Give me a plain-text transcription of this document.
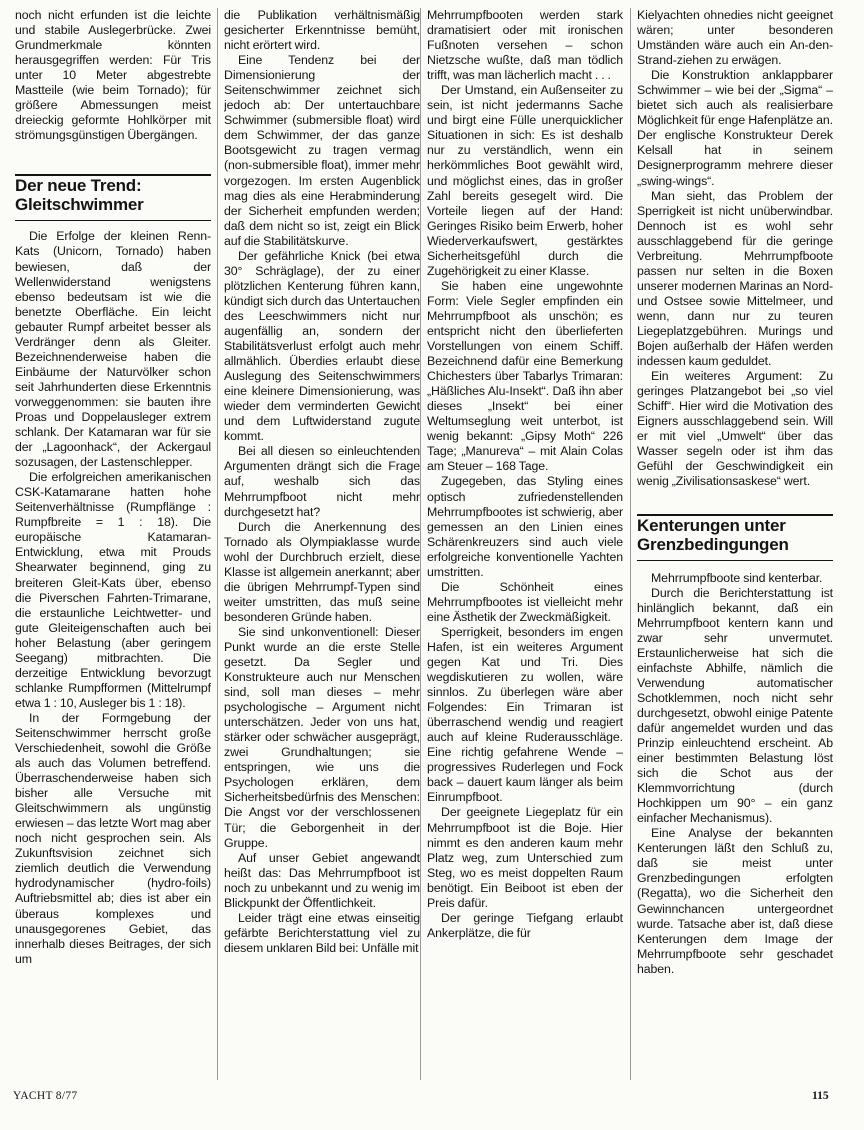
noch nicht erfunden ist die leichte und stabile Auslegerbrücke. Zwei Grundmerkmale könnten herausgegriffen werden: Für Tris unter 10 Meter abgestrebte Mastteile (wie beim Tornado); für größere Abmessungen meist dreieckig geformte Hohlkörper mit strömungsgünstigen Übergängen.

Der neue Trend: Gleitschwimmer

Die Erfolge der kleinen Renn-Kats (Unicorn, Tornado) haben bewiesen, daß der Wellenwiderstand wenigstens ebenso bedeutsam ist wie die benetzte Oberfläche. Ein leicht gebauter Rumpf arbeitet besser als Verdränger denn als Gleiter. Bezeichnenderweise haben die Einbäume der Naturvölker schon seit Jahrhunderten diese Erkenntnis vorweggenommen: sie bauten ihre Proas und Doppelausleger extrem schlank. Der Katamaran war für sie der „Lagoonhack“, der Ackergaul sozusagen, der Lastenschlepper.

Die erfolgreichen amerikanischen CSK-Katamarane hatten hohe Seitenverhältnisse (Rumpflänge : Rumpfbreite = 1 : 18). Die europäische Katamaran-Entwicklung, etwa mit Prouds Shearwater beginnend, ging zu breiteren Gleit-Kats über, ebenso die Piverschen Fahrten-Trimarane, die erstaunliche Leichtwetter- und gute Gleiteigenschaften auch bei hoher Belastung (aber geringem Seegang) mitbrachten. Die derzeitige Entwicklung bevorzugt schlanke Rumpfformen (Mittelrumpf etwa 1 : 10, Ausleger bis 1 : 18).

In der Formgebung der Seitenschwimmer herrscht große Verschiedenheit, sowohl die Größe als auch das Volumen betreffend. Überraschenderweise haben sich bisher alle Versuche mit Gleitschwimmern als ungünstig erwiesen – das letzte Wort mag aber noch nicht gesprochen sein. Als Zukunftsvision zeichnet sich ziemlich deutlich die Verwendung hydrodynamischer (hydro-foils) Auftriebsmittel ab; dies ist aber ein überaus komplexes und unausgegorenes Gebiet, das innerhalb dieses Beitrages, der sich um

die Publikation verhältnismäßig gesicherter Erkenntnisse bemüht, nicht erörtert wird.

Eine Tendenz bei der Dimensionierung der Seitenschwimmer zeichnet sich jedoch ab: Der untertauchbare Schwimmer (submersible float) wird dem Schwimmer, der das ganze Bootsgewicht zu tragen vermag (non-submersible float), immer mehr vorgezogen. Im ersten Augenblick mag dies als eine Herabminderung der Sicherheit empfunden werden; daß dem nicht so ist, zeigt ein Blick auf die Stabilitätskurve.

Der gefährliche Knick (bei etwa 30° Schräglage), der zu einer plötzlichen Kenterung führen kann, kündigt sich durch das Untertauchen des Leeschwimmers nicht nur augenfällig an, sondern der Stabilitätsverlust erfolgt auch mehr allmählich. Überdies erlaubt diese Auslegung des Seitenschwimmers eine kleinere Dimensionierung, was wieder dem verminderten Gewicht und dem Luftwiderstand zugute kommt.

Bei all diesen so einleuchtenden Argumenten drängt sich die Frage auf, weshalb sich das Mehrrumpfboot nicht mehr durchgesetzt hat?

Durch die Anerkennung des Tornado als Olympiaklasse wurde wohl der Durchbruch erzielt, diese Klasse ist allgemein anerkannt; aber die übrigen Mehrrumpf-Typen sind weiter umstritten, das muß seine besonderen Gründe haben.

Sie sind unkonventionell: Dieser Punkt wurde an die erste Stelle gesetzt. Da Segler und Konstrukteure auch nur Menschen sind, soll man dieses – mehr psychologische – Argument nicht unterschätzen. Jeder von uns hat, stärker oder schwächer ausgeprägt, zwei Grundhaltungen; sie entspringen, wie uns die Psychologen erklären, dem Sicherheitsbedürfnis des Menschen: Die Angst vor der verschlossenen Tür; die Geborgenheit in der Gruppe.

Auf unser Gebiet angewandt heißt das: Das Mehrrumpfboot ist noch zu unbekannt und zu wenig im Blickpunkt der Öffentlichkeit.

Leider trägt eine etwas einseitig gefärbte Berichterstattung viel zu diesem unklaren Bild bei: Unfälle mit

Mehrrumpfbooten werden stark dramatisiert oder mit ironischen Fußnoten versehen – schon Nietzsche wußte, daß man tödlich trifft, was man lächerlich macht . . .

Der Umstand, ein Außenseiter zu sein, ist nicht jedermanns Sache und birgt eine Fülle unerquicklicher Situationen in sich: Es ist deshalb nur zu verständlich, wenn ein herkömmliches Boot gewählt wird, und möglichst eines, das in großer Zahl bereits gesegelt wird. Die Vorteile liegen auf der Hand: Geringes Risiko beim Erwerb, hoher Wiederverkaufswert, gestärktes Sicherheitsgefühl durch die Zugehörigkeit zu einer Klasse.

Sie haben eine ungewohnte Form: Viele Segler empfinden ein Mehrrumpfboot als unschön; es entspricht nicht den überlieferten Vorstellungen von einem Schiff. Bezeichnend dafür eine Bemerkung Chichesters über Tabarlys Trimaran: „Häßliches Alu-Insekt“. Daß ihn aber dieses „Insekt“ bei einer Weltumseglung weit unterbot, ist wenig bekannt: „Gipsy Moth“ 226 Tage; „Manureva“ – mit Alain Colas am Steuer – 168 Tage.

Zugegeben, das Styling eines optisch zufriedenstellenden Mehrrumpfbootes ist schwierig, aber gemessen an den Linien eines Schärenkreuzers sind auch viele erfolgreiche konventionelle Yachten umstritten.

Die Schönheit eines Mehrrumpfbootes ist vielleicht mehr eine Ästhetik der Zweckmäßigkeit.

Sperrigkeit, besonders im engen Hafen, ist ein weiteres Argument gegen Kat und Tri. Dies wegdiskutieren zu wollen, wäre sinnlos. Zu überlegen wäre aber Folgendes: Ein Trimaran ist überraschend wendig und reagiert auch auf kleine Ruderausschläge. Eine richtig gefahrene Wende – progressives Ruderlegen und Fock back – dauert kaum länger als beim Einrumpfboot.

Der geeignete Liegeplatz für ein Mehrrumpfboot ist die Boje. Hier nimmt es den anderen kaum mehr Platz weg, zum Unterschied zum Steg, wo es meist doppelten Raum benötigt. Ein Beiboot ist eben der Preis dafür.

Der geringe Tiefgang erlaubt Ankerplätze, die für

Kielyachten ohnedies nicht geeignet wären; unter besonderen Umständen wäre auch ein An-den-Strand-ziehen zu erwägen.

Die Konstruktion anklappbarer Schwimmer – wie bei der „Sigma“ – bietet sich auch als realisierbare Möglichkeit für enge Hafenplätze an. Der englische Konstrukteur Derek Kelsall hat in seinem Designerprogramm mehrere dieser „swing-wings“.

Man sieht, das Problem der Sperrigkeit ist nicht unüberwindbar. Dennoch ist es wohl sehr ausschlaggebend für die geringe Verbreitung. Mehrrumpfboote passen nur selten in die Boxen unserer modernen Marinas an Nord- und Ostsee sowie Mittelmeer, und wenn, dann nur zu teuren Liegeplatzgebühren. Murings und Bojen außerhalb der Häfen werden indessen kaum geduldet.

Ein weiteres Argument: Zu geringes Platzangebot bei „so viel Schiff“. Hier wird die Motivation des Eigners ausschlaggebend sein. Will er mit viel „Umwelt“ über das Wasser segeln oder ist ihm das Gefühl der Geschwindigkeit ein wenig „Zivilisationsaskese“ wert.

Kenterungen unter Grenzbedingungen

Mehrrumpfboote sind kenterbar.

Durch die Berichterstattung ist hinlänglich bekannt, daß ein Mehrrumpfboot kentern kann und zwar sehr unvermutet. Erstaunlicherweise hat sich die einfachste Abhilfe, nämlich die Verwendung automatischer Schotklemmen, noch nicht sehr durchgesetzt, obwohl einige Patente dafür angemeldet wurden und das Prinzip einleuchtend erscheint. Ab einer bestimmten Belastung löst sich die Schot aus der Klemmvorrichtung (durch Hochkippen um 90° – ein ganz einfacher Mechanismus).

Eine Analyse der bekannten Kenterungen läßt den Schluß zu, daß sie meist unter Grenzbedingungen erfolgten (Regatta), wo die Sicherheit den Gewinnchancen untergeordnet wurde. Tatsache aber ist, daß diese Kenterungen dem Image der Mehrrumpfboote sehr geschadet haben.

YACHT 8/77	115
